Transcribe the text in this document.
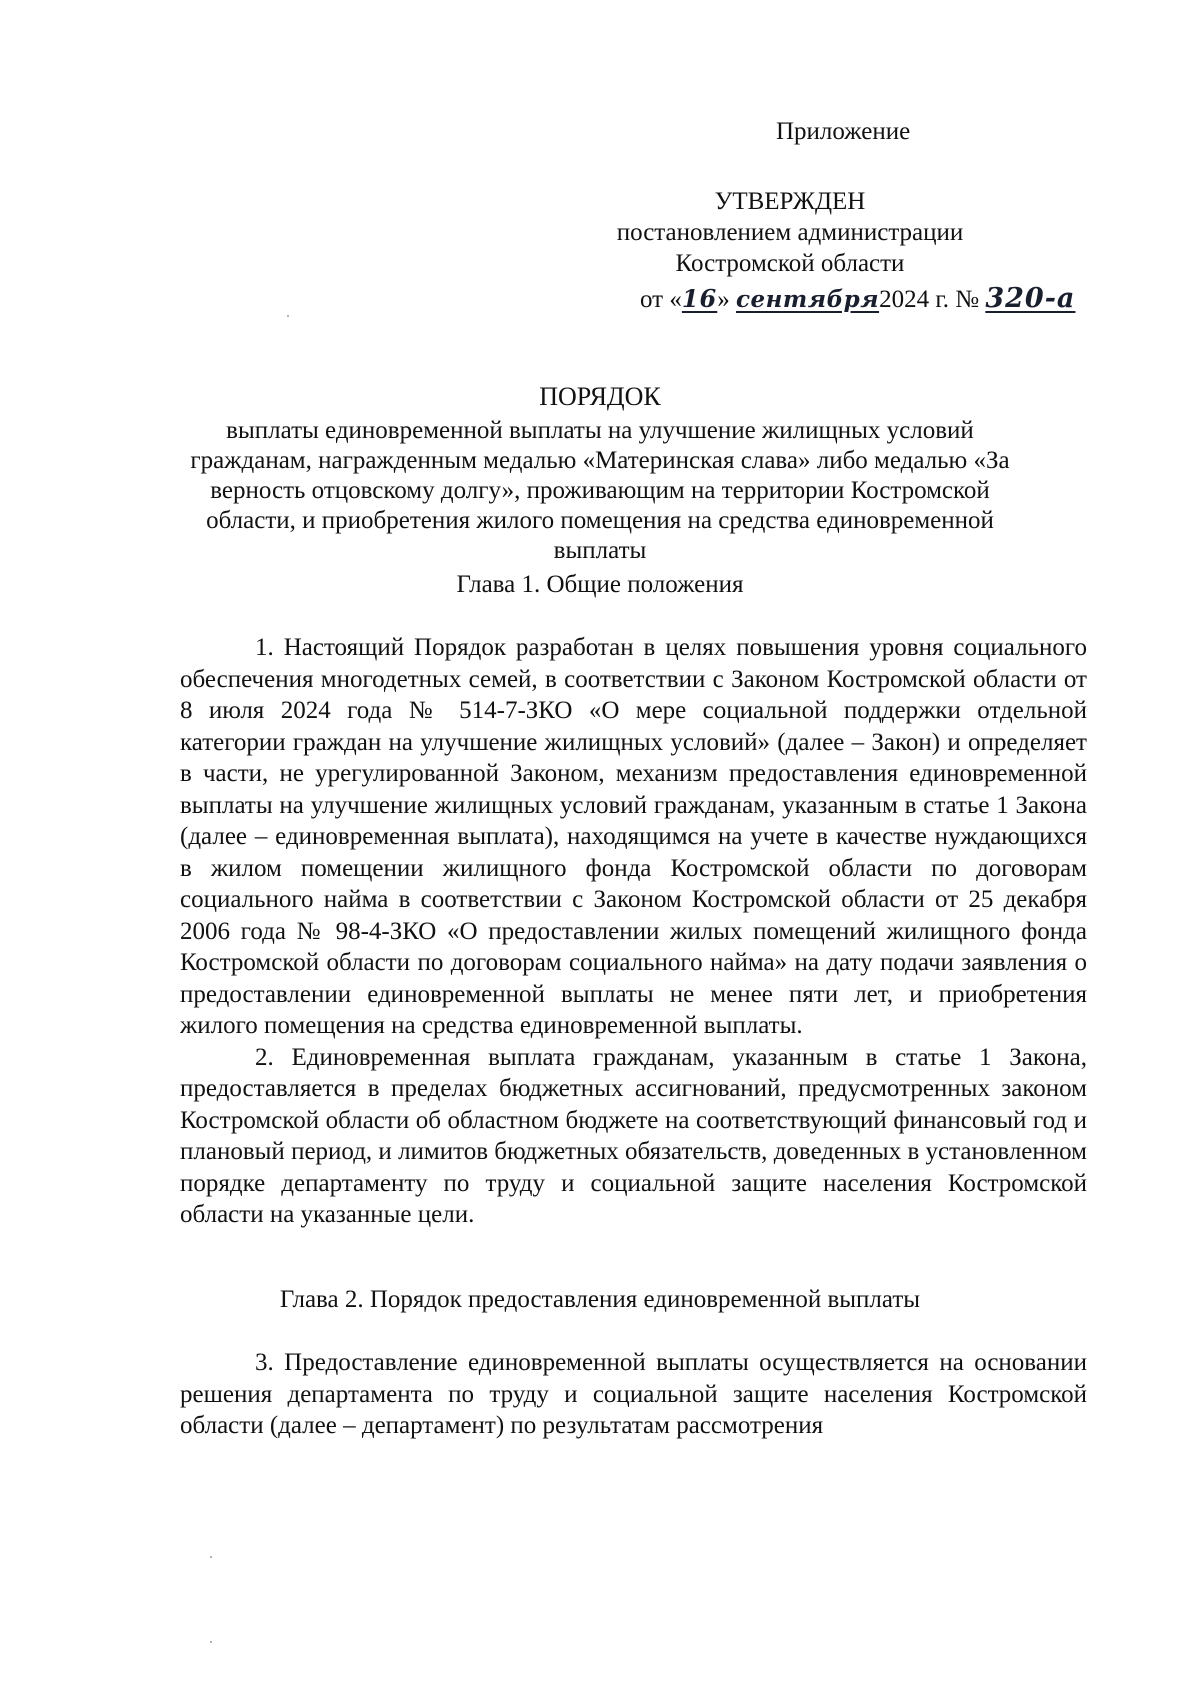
Приложение
УТВЕРЖДЕН
постановлением администрации
Костромской области
от «16» сентября2024 г. № 320-а
ПОРЯДОК
выплаты единовременной выплаты на улучшение жилищных условий гражданам, награжденным медалью «Материнская слава» либо медалью «За верность отцовскому долгу», проживающим на территории Костромской области, и приобретения жилого помещения на средства единовременной выплаты
Глава 1. Общие положения

1. Настоящий Порядок разработан в целях повышения уровня социального обеспечения многодетных семей, в соответствии с Законом Костромской области от 8 июля 2024 года № 514-7-ЗКО «О мере социальной поддержки отдельной категории граждан на улучшение жилищных условий» (далее – Закон) и определяет в части, не урегулированной Законом, механизм предоставления единовременной выплаты на улучшение жилищных условий гражданам, указанным в статье 1 Закона (далее – единовременная выплата), находящимся на учете в качестве нуждающихся в жилом помещении жилищного фонда Костромской области по договорам социального найма в соответствии с Законом Костромской области от 25 декабря 2006 года № 98-4-ЗКО «О предоставлении жилых помещений жилищного фонда Костромской области по договорам социального найма» на дату подачи заявления о предоставлении единовременной выплаты не менее пяти лет, и приобретения жилого помещения на средства единовременной выплаты.

2. Единовременная выплата гражданам, указанным в статье 1 Закона, предоставляется в пределах бюджетных ассигнований, предусмотренных законом Костромской области об областном бюджете на соответствующий финансовый год и плановый период, и лимитов бюджетных обязательств, доведенных в установленном порядке департаменту по труду и социальной защите населения Костромской области на указанные цели.

Глава 2. Порядок предоставления единовременной выплаты

3. Предоставление единовременной выплаты осуществляется на основании решения департамента по труду и социальной защите населения Костромской области (далее – департамент) по результатам рассмотрения
